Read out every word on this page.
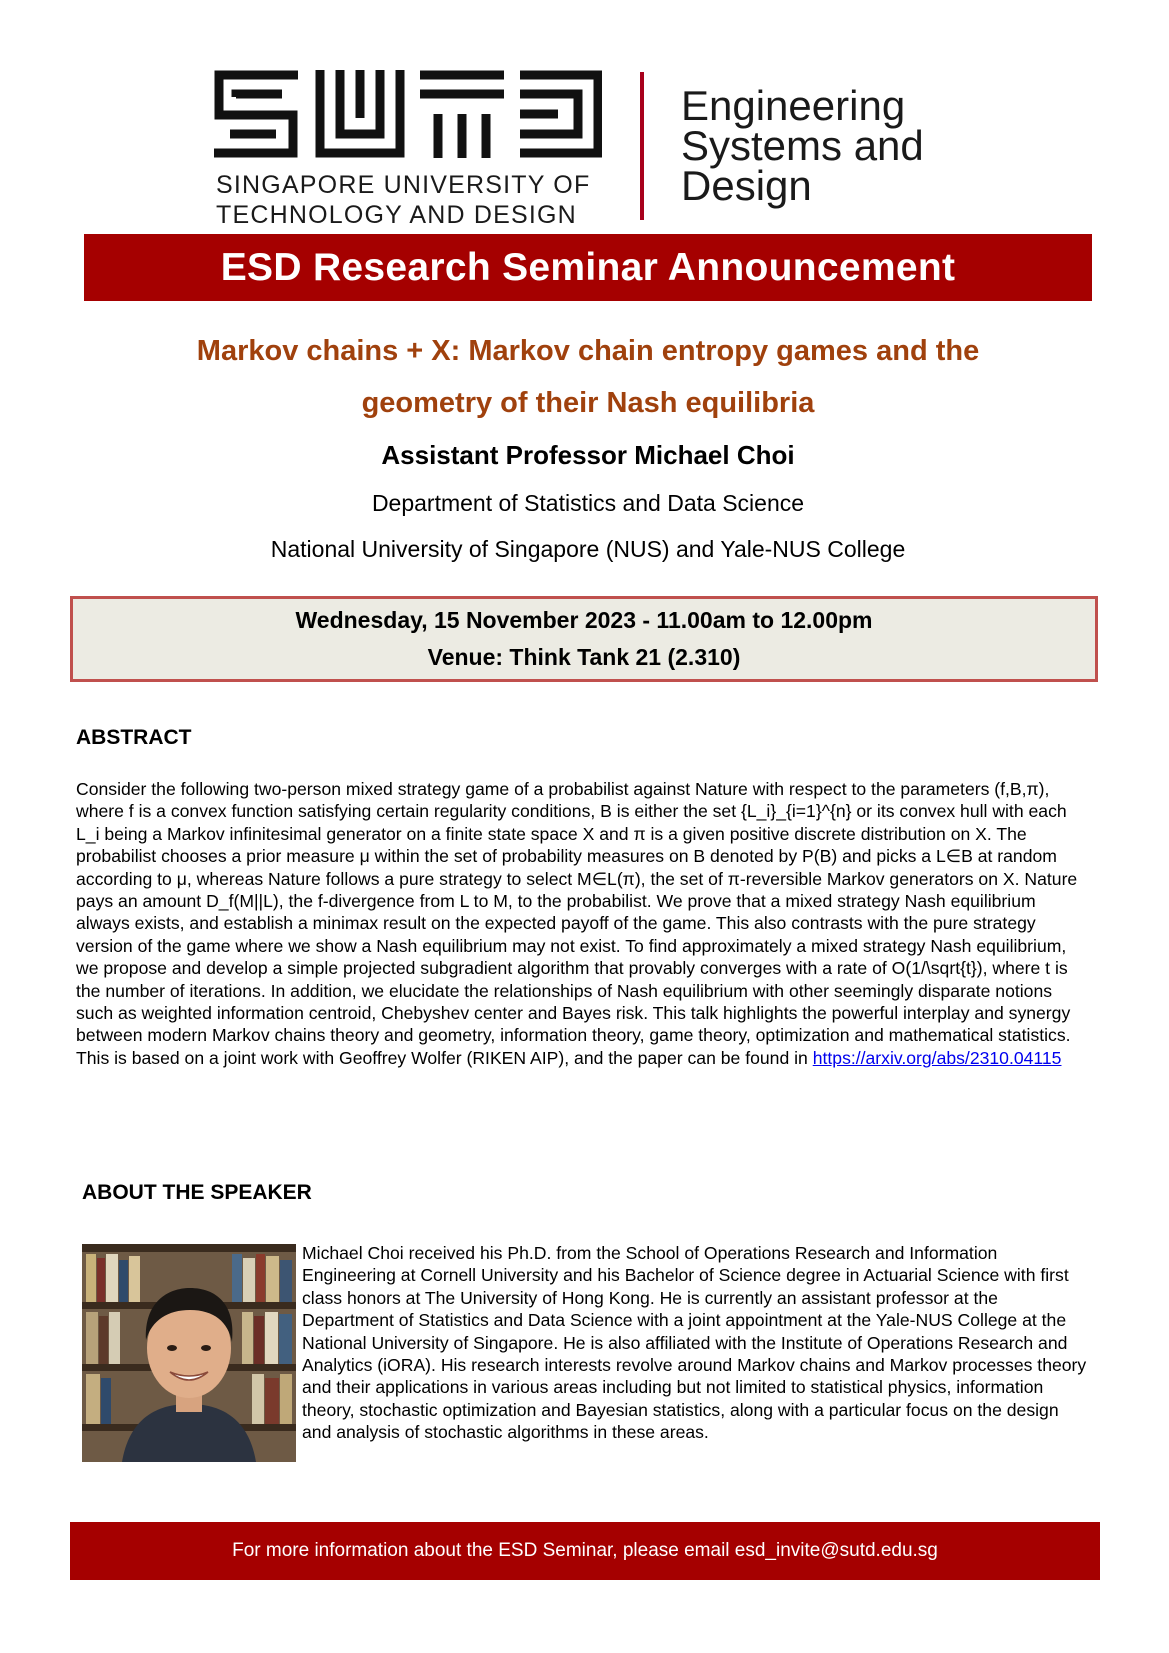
SINGAPORE UNIVERSITY OF
TECHNOLOGY AND DESIGN
Engineering
Systems and
Design
ESD Research Seminar Announcement
Markov chains + X: Markov chain entropy games and the
geometry of their Nash equilibria
Assistant Professor Michael Choi
Department of Statistics and Data Science
National University of Singapore (NUS) and Yale-NUS College
Wednesday, 15 November 2023 - 11.00am to 12.00pm
Venue: Think Tank 21 (2.310)
ABSTRACT
Consider the following two-person mixed strategy game of a probabilist against Nature with respect to the parameters (f,B,π), where f is a convex function satisfying certain regularity conditions, B is either the set {L_i}_{i=1}^{n} or its convex hull with each L_i being a Markov infinitesimal generator on a finite state space X and π is a given positive discrete distribution on X. The probabilist chooses a prior measure μ within the set of probability measures on B denoted by P(B) and picks a L∈B at random according to μ, whereas Nature follows a pure strategy to select M∈L(π), the set of π-reversible Markov generators on X. Nature pays an amount D_f(M||L), the f-divergence from L to M, to the probabilist. We prove that a mixed strategy Nash equilibrium always exists, and establish a minimax result on the expected payoff of the game. This also contrasts with the pure strategy version of the game where we show a Nash equilibrium may not exist. To find approximately a mixed strategy Nash equilibrium, we propose and develop a simple projected subgradient algorithm that provably converges with a rate of O(1/\sqrt{t}), where t is the number of iterations. In addition, we elucidate the relationships of Nash equilibrium with other seemingly disparate notions such as weighted information centroid, Chebyshev center and Bayes risk. This talk highlights the powerful interplay and synergy between modern Markov chains theory and geometry, information theory, game theory, optimization and mathematical statistics. This is based on a joint work with Geoffrey Wolfer (RIKEN AIP), and the paper can be found in https://arxiv.org/abs/2310.04115
ABOUT THE SPEAKER
Michael Choi received his Ph.D. from the School of Operations Research and Information Engineering at Cornell University and his Bachelor of Science degree in Actuarial Science with first class honors at The University of Hong Kong. He is currently an assistant professor at the Department of Statistics and Data Science with a joint appointment at the Yale-NUS College at the National University of Singapore. He is also affiliated with the Institute of Operations Research and Analytics (iORA). His research interests revolve around Markov chains and Markov processes theory and their applications in various areas including but not limited to statistical physics, information theory, stochastic optimization and Bayesian statistics, along with a particular focus on the design and analysis of stochastic algorithms in these areas.
For more information about the ESD Seminar, please email esd_invite@sutd.edu.sg
